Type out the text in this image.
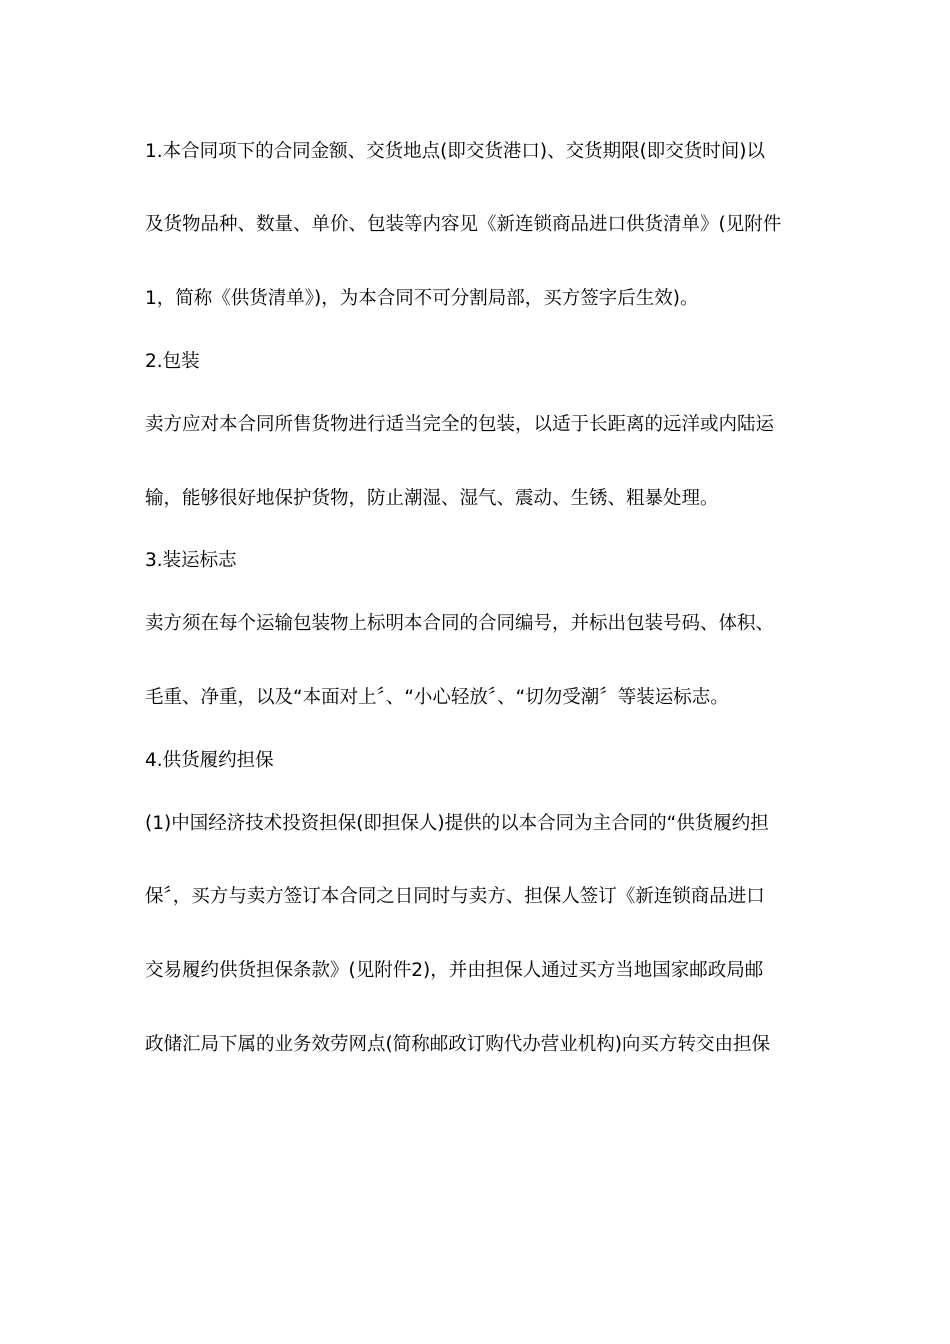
1.本合同项下的合同金额、交货地点(即交货港口)、交货期限(即交货时间)以

及货物品种、数量、单价、包装等内容见《新连锁商品进口供货清单》(见附件

1，简称《供货清单》)，为本合同不可分割局部，买方签字后生效)。

2.包装

卖方应对本合同所售货物进行适当完全的包装，以适于长距离的远洋或内陆运

输，能够很好地保护货物，防止潮湿、湿气、震动、生锈、粗暴处理。

3.装运标志

卖方须在每个运输包装物上标明本合同的合同编号，并标出包装号码、体积、

毛重、净重，以及“本面对上〞、“小心轻放〞、“切勿受潮〞等装运标志。

4.供货履约担保

(1)中国经济技术投资担保(即担保人)提供的以本合同为主合同的“供货履约担

保〞，买方与卖方签订本合同之日同时与卖方、担保人签订《新连锁商品进口

交易履约供货担保条款》(见附件2)，并由担保人通过买方当地国家邮政局邮

政储汇局下属的业务效劳网点(简称邮政订购代办营业机构)向买方转交由担保
